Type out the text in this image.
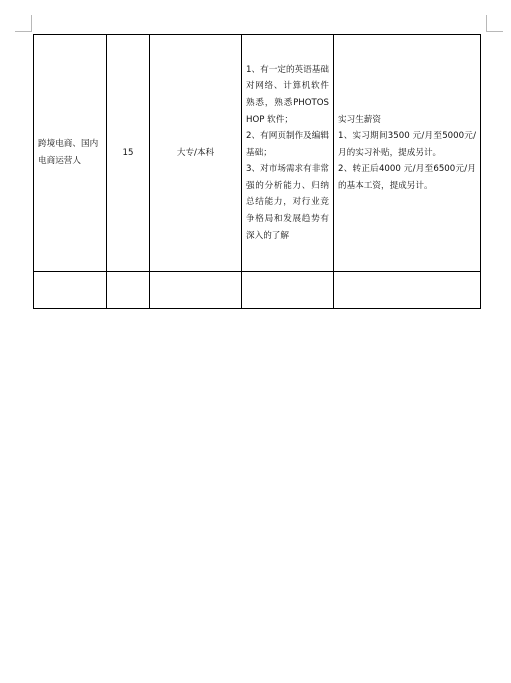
跨境电商、国内电商运营人	15	大专/本科	1、有一定的英语基础对网络、计算机软件熟悉，熟悉PHOTOSHOP 软件；
2、有网页制作及编辑基础；
3、对市场需求有非常强的分析能力、归纳总结能力，对行业竞争格局和发展趋势有深入的了解	实习生薪资
1、实习期间3500 元/月至5000元/月的实习补贴，提成另计。
2、转正后4000 元/月至6500元/月的基本工资，提成另计。
